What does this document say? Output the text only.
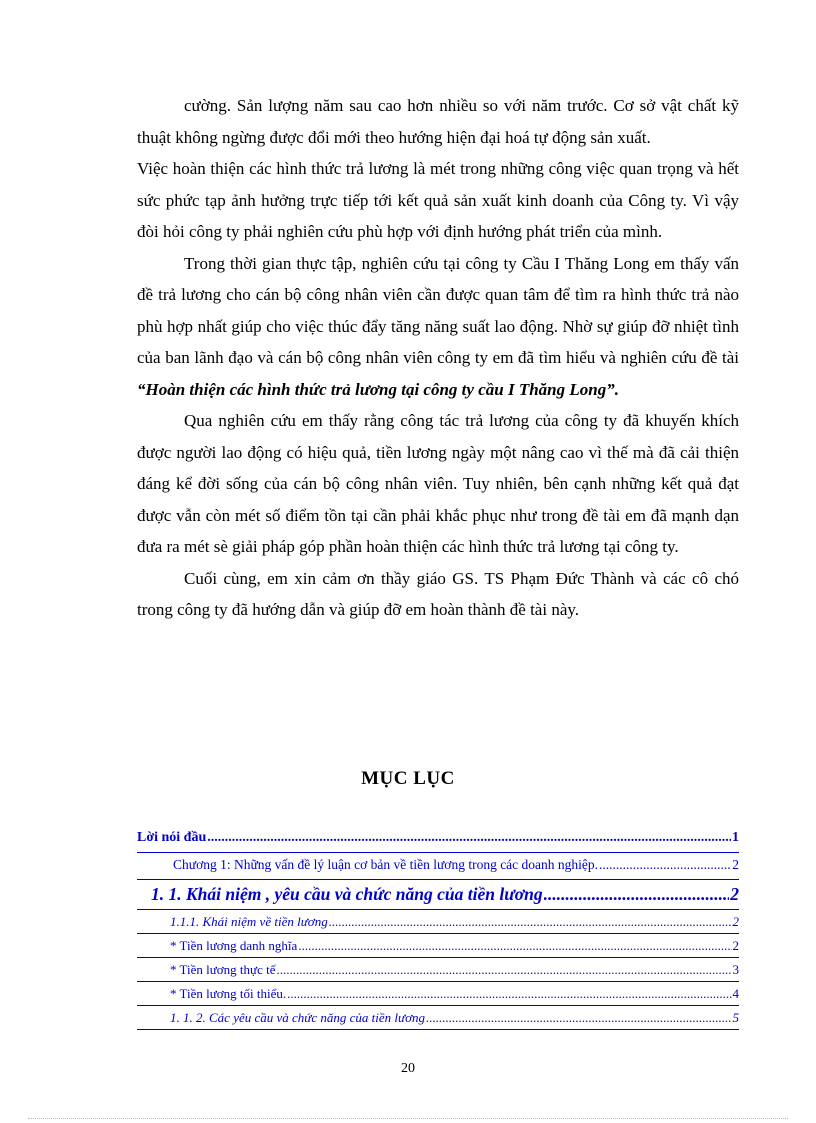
cường. Sản lượng năm sau cao hơn nhiều so với năm trước. Cơ sở vật chất kỹ thuật không ngừng được đổi mới theo hướng hiện đại hoá tự động sản xuất.

Việc hoàn thiện các hình thức trả lương là mét trong những công việc quan trọng và hết sức phức tạp ảnh hưởng trực tiếp tới kết quả sản xuất kinh doanh của Công ty. Vì vậy đòi hỏi công ty phải nghiên cứu phù hợp với định hướng phát triển của mình.

Trong thời gian thực tập, nghiên cứu tại công ty Cầu I Thăng Long em thấy vấn đề trả lương cho cán bộ công nhân viên cần được quan tâm để tìm ra hình thức trả nào phù hợp nhất giúp cho việc thúc đẩy tăng năng suất lao động. Nhờ sự giúp đỡ nhiệt tình của ban lãnh đạo và cán bộ công nhân viên công ty em đã tìm hiểu và nghiên cứu đề tài “Hoàn thiện các hình thức trả lương tại công ty cầu I Thăng Long”.

Qua nghiên cứu em thấy rằng công tác trả lương của công ty đã khuyến khích được người lao động có hiệu quả, tiền lương ngày một nâng cao vì thế mà đã cải thiện đáng kể đời sống của cán bộ công nhân viên. Tuy nhiên, bên cạnh những kết quả đạt được vẫn còn mét số điểm tồn tại cần phải khắc phục như trong đề tài em đã mạnh dạn đưa ra mét sè giải pháp góp phần hoàn thiện các hình thức trả lương tại công ty.

Cuối cùng, em xin cảm ơn thầy giáo GS. TS Phạm Đức Thành và các cô chó trong công ty đã hướng dẫn và giúp đỡ em hoàn thành đề tài này.

MỤC LỤC
Lời nói đầu .....	1
Chương 1: Những vấn đề lý luận cơ bản về tiền lương trong các doanh nghiệp. .....	2
1. 1. Khái niệm , yêu cầu và chức năng của tiền lương .....	2
1.1.1. Khái niệm về tiền lương .....	2
* Tiền lương danh nghĩa .....	2
* Tiền lương thực tế .....	3
* Tiền lương tối thiểu. .....	4
1. 1. 2. Các yêu cầu và chức năng của tiền lương .....	5
20
